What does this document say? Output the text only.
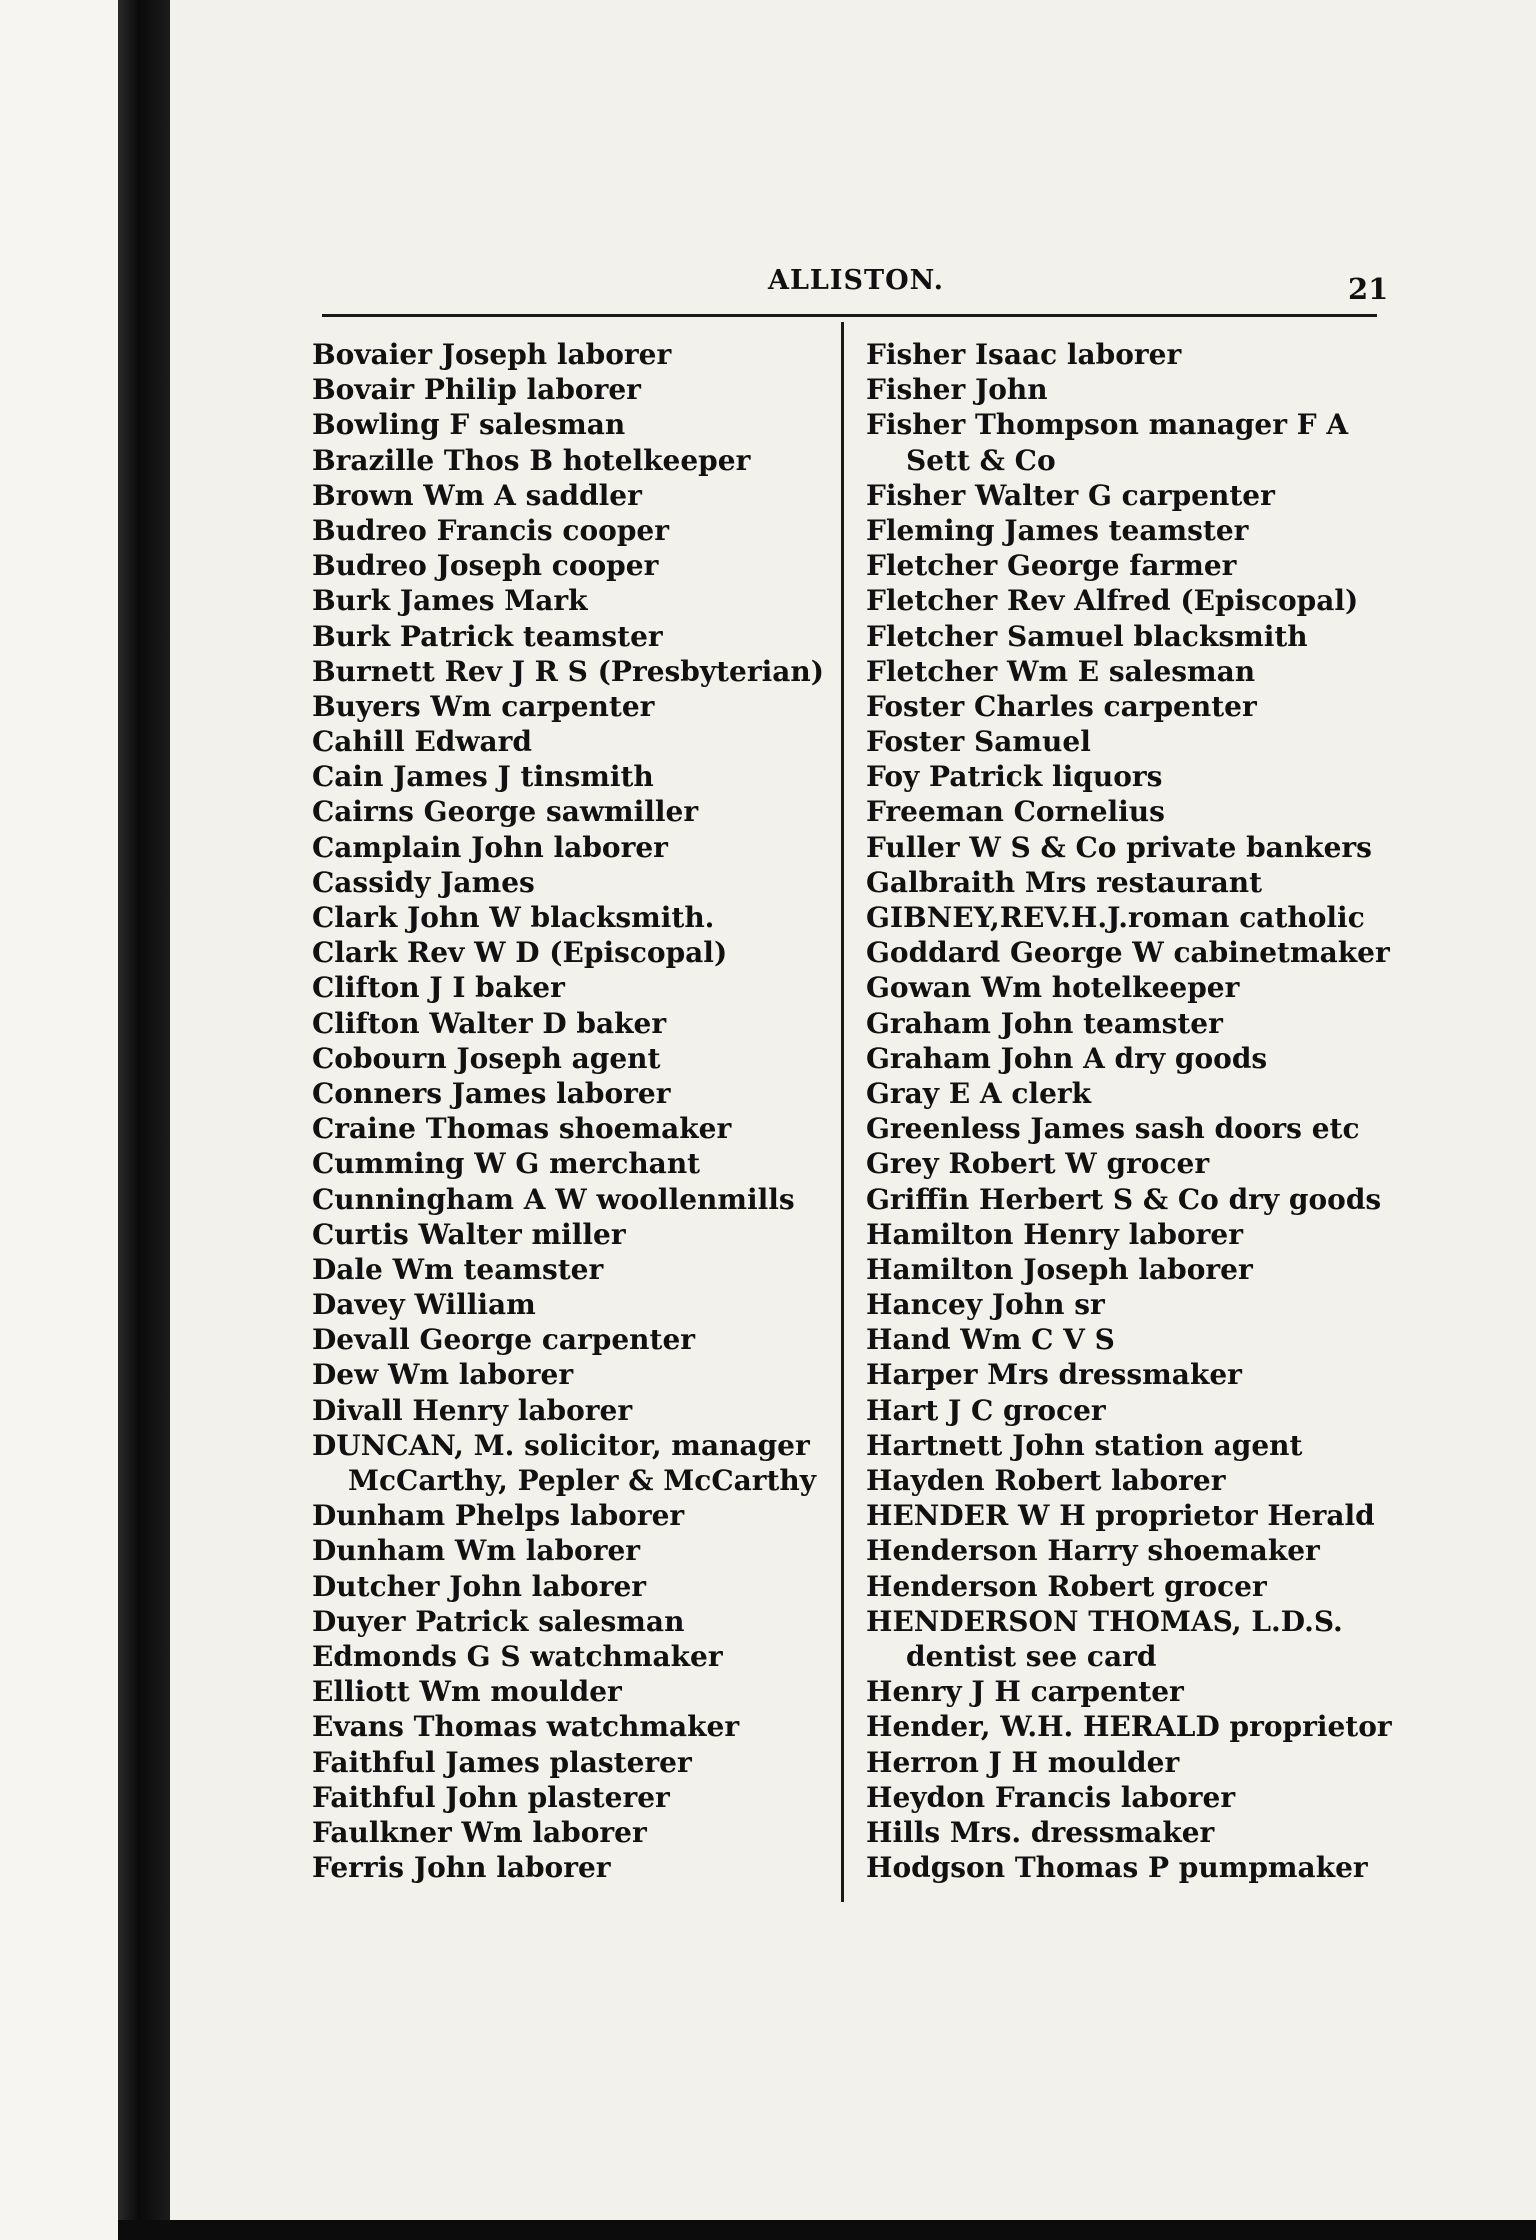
ALLISTON.	21
Bovaier Joseph laborer
Bovair Philip laborer
Bowling F salesman
Brazille Thos B hotelkeeper
Brown Wm A saddler
Budreo Francis cooper
Budreo Joseph cooper
Burk James Mark
Burk Patrick teamster
Burnett Rev J R S (Presbyterian)
Buyers Wm carpenter
Cahill Edward
Cain James J tinsmith
Cairns George sawmiller
Camplain John laborer
Cassidy James
Clark John W blacksmith.
Clark Rev W D (Episcopal)
Clifton J I baker
Clifton Walter D baker
Cobourn Joseph agent
Conners James laborer
Craine Thomas shoemaker
Cumming W G merchant
Cunningham A W woollenmills
Curtis Walter miller
Dale Wm teamster
Davey William
Devall George carpenter
Dew Wm laborer
Divall Henry laborer
DUNCAN, M. solicitor, manager
McCarthy, Pepler & McCarthy
Dunham Phelps laborer
Dunham Wm laborer
Dutcher John laborer
Duyer Patrick salesman
Edmonds G S watchmaker
Elliott Wm moulder
Evans Thomas watchmaker
Faithful James plasterer
Faithful John plasterer
Faulkner Wm laborer
Ferris John laborer
Fisher Isaac laborer
Fisher John
Fisher Thompson manager F A
Sett & Co
Fisher Walter G carpenter
Fleming James teamster
Fletcher George farmer
Fletcher Rev Alfred (Episcopal)
Fletcher Samuel blacksmith
Fletcher Wm E salesman
Foster Charles carpenter
Foster Samuel
Foy Patrick liquors
Freeman Cornelius
Fuller W S & Co private bankers
Galbraith Mrs restaurant
GIBNEY,REV.H.J.roman catholic
Goddard George W cabinetmaker
Gowan Wm hotelkeeper
Graham John teamster
Graham John A dry goods
Gray E A clerk
Greenless James sash doors etc
Grey Robert W grocer
Griffin Herbert S & Co dry goods
Hamilton Henry laborer
Hamilton Joseph laborer
Hancey John sr
Hand Wm C V S
Harper Mrs dressmaker
Hart J C grocer
Hartnett John station agent
Hayden Robert laborer
HENDER W H proprietor Herald
Henderson Harry shoemaker
Henderson Robert grocer
HENDERSON THOMAS, L.D.S.
dentist see card
Henry J H carpenter
Hender, W.H. HERALD proprietor
Herron J H moulder
Heydon Francis laborer
Hills Mrs. dressmaker
Hodgson Thomas P pumpmaker
